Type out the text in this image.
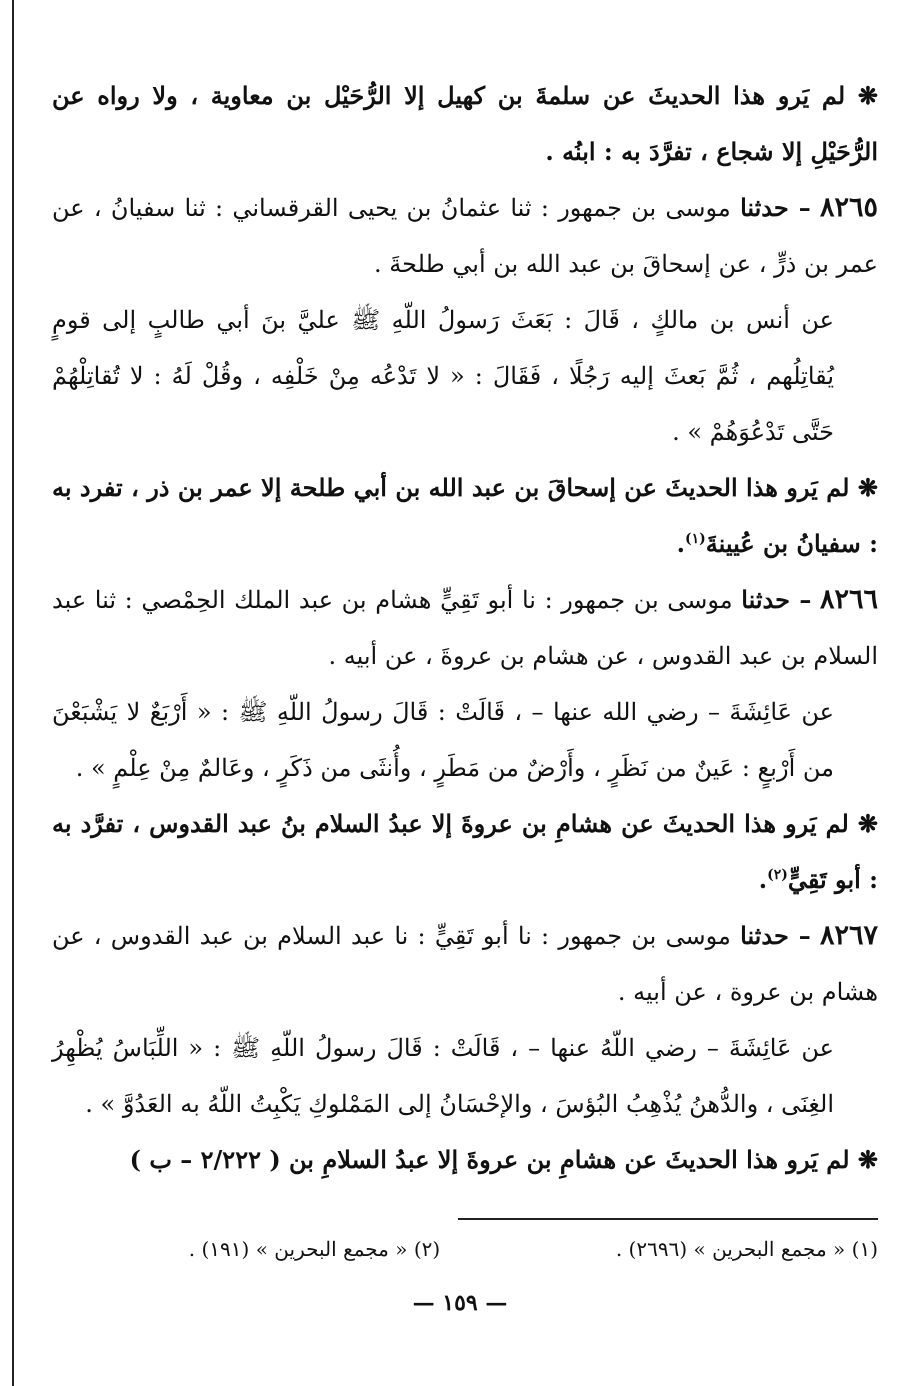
❋ لم يَرو هذا الحديثَ عن سلمةَ بن كهيل إلا الرُّحَيْل بن معاوية ، ولا رواه عن الرُّحَيْلِ إلا شجاع ، تفرَّدَ به : ابنُه .

٨٢٦٥ – حدثنا موسى بن جمهور : ثنا عثمانُ بن يحيى القرقساني : ثنا سفيانُ ، عن عمر بن ذرٍّ ، عن إسحاقَ بن عبد الله بن أبي طلحةَ .

عن أنس بن مالكٍ ، قَالَ : بَعَثَ رَسولُ اللّهِ ﷺ عليَّ بنَ أبي طالبٍ إلى قومٍ يُقاتِلُهم ، ثُمَّ بَعثَ إليه رَجُلًا ، فَقَالَ : « لا تَدْعُه مِنْ خَلْفِه ، وقُلْ لَهُ : لا تُقاتِلْهُمْ حَتَّى تَدْعُوَهُمْ » .

❋ لم يَرو هذا الحديثَ عن إسحاقَ بن عبد الله بن أبي طلحة إلا عمر بن ذر ، تفرد به : سفيانُ بن عُيينةَ$^{(١)}$.

٨٢٦٦ – حدثنا موسى بن جمهور : نا أبو تَقِيٍّ هشام بن عبد الملك الحِمْصي : ثنا عبد السلام بن عبد القدوس ، عن هشام بن عروةَ ، عن أبيه .

عن عَائِشَةَ – رضي الله عنها – ، قَالَتْ : قَالَ رسولُ اللّهِ ﷺ : « أَرْبَعٌ لا يَشْبَعْنَ من أَرْبعٍ : عَينٌ من نَظَرٍ ، وأَرْضٌ من مَطَرٍ ، وأُنثَى من ذَكَرٍ ، وعَالمٌ مِنْ عِلْمٍ » .

❋ لم يَرو هذا الحديثَ عن هشامِ بن عروةَ إلا عبدُ السلام بنُ عبد القدوس ، تفرَّد به : أبو تَقِيٍّ$^{(٢)}$.

٨٢٦٧ – حدثنا موسى بن جمهور : نا أبو تَقِيٍّ : نا عبد السلام بن عبد القدوس ، عن هشام بن عروة ، عن أبيه .

عن عَائِشَةَ – رضي اللّهُ عنها – ، قَالَتْ : قَالَ رسولُ اللّهِ ﷺ : « اللِّبَاسُ يُظْهِرُ الغِنَى ، والدُّهنُ يُذْهِبُ البُؤسَ ، والإحْسَانُ إلى المَمْلوكِ يَكْبِتُ اللّهُ به العَدُوَّ » .

❋ لم يَرو هذا الحديثَ عن هشامِ بن عروةَ إلا عبدُ السلامِ بن ( ٢/٢٢٢ – ب )

(١) « مجمع البحرين » (٢٦٩٦) .
(٢) « مجمع البحرين » (١٩١) .
— ١٥٩ —
